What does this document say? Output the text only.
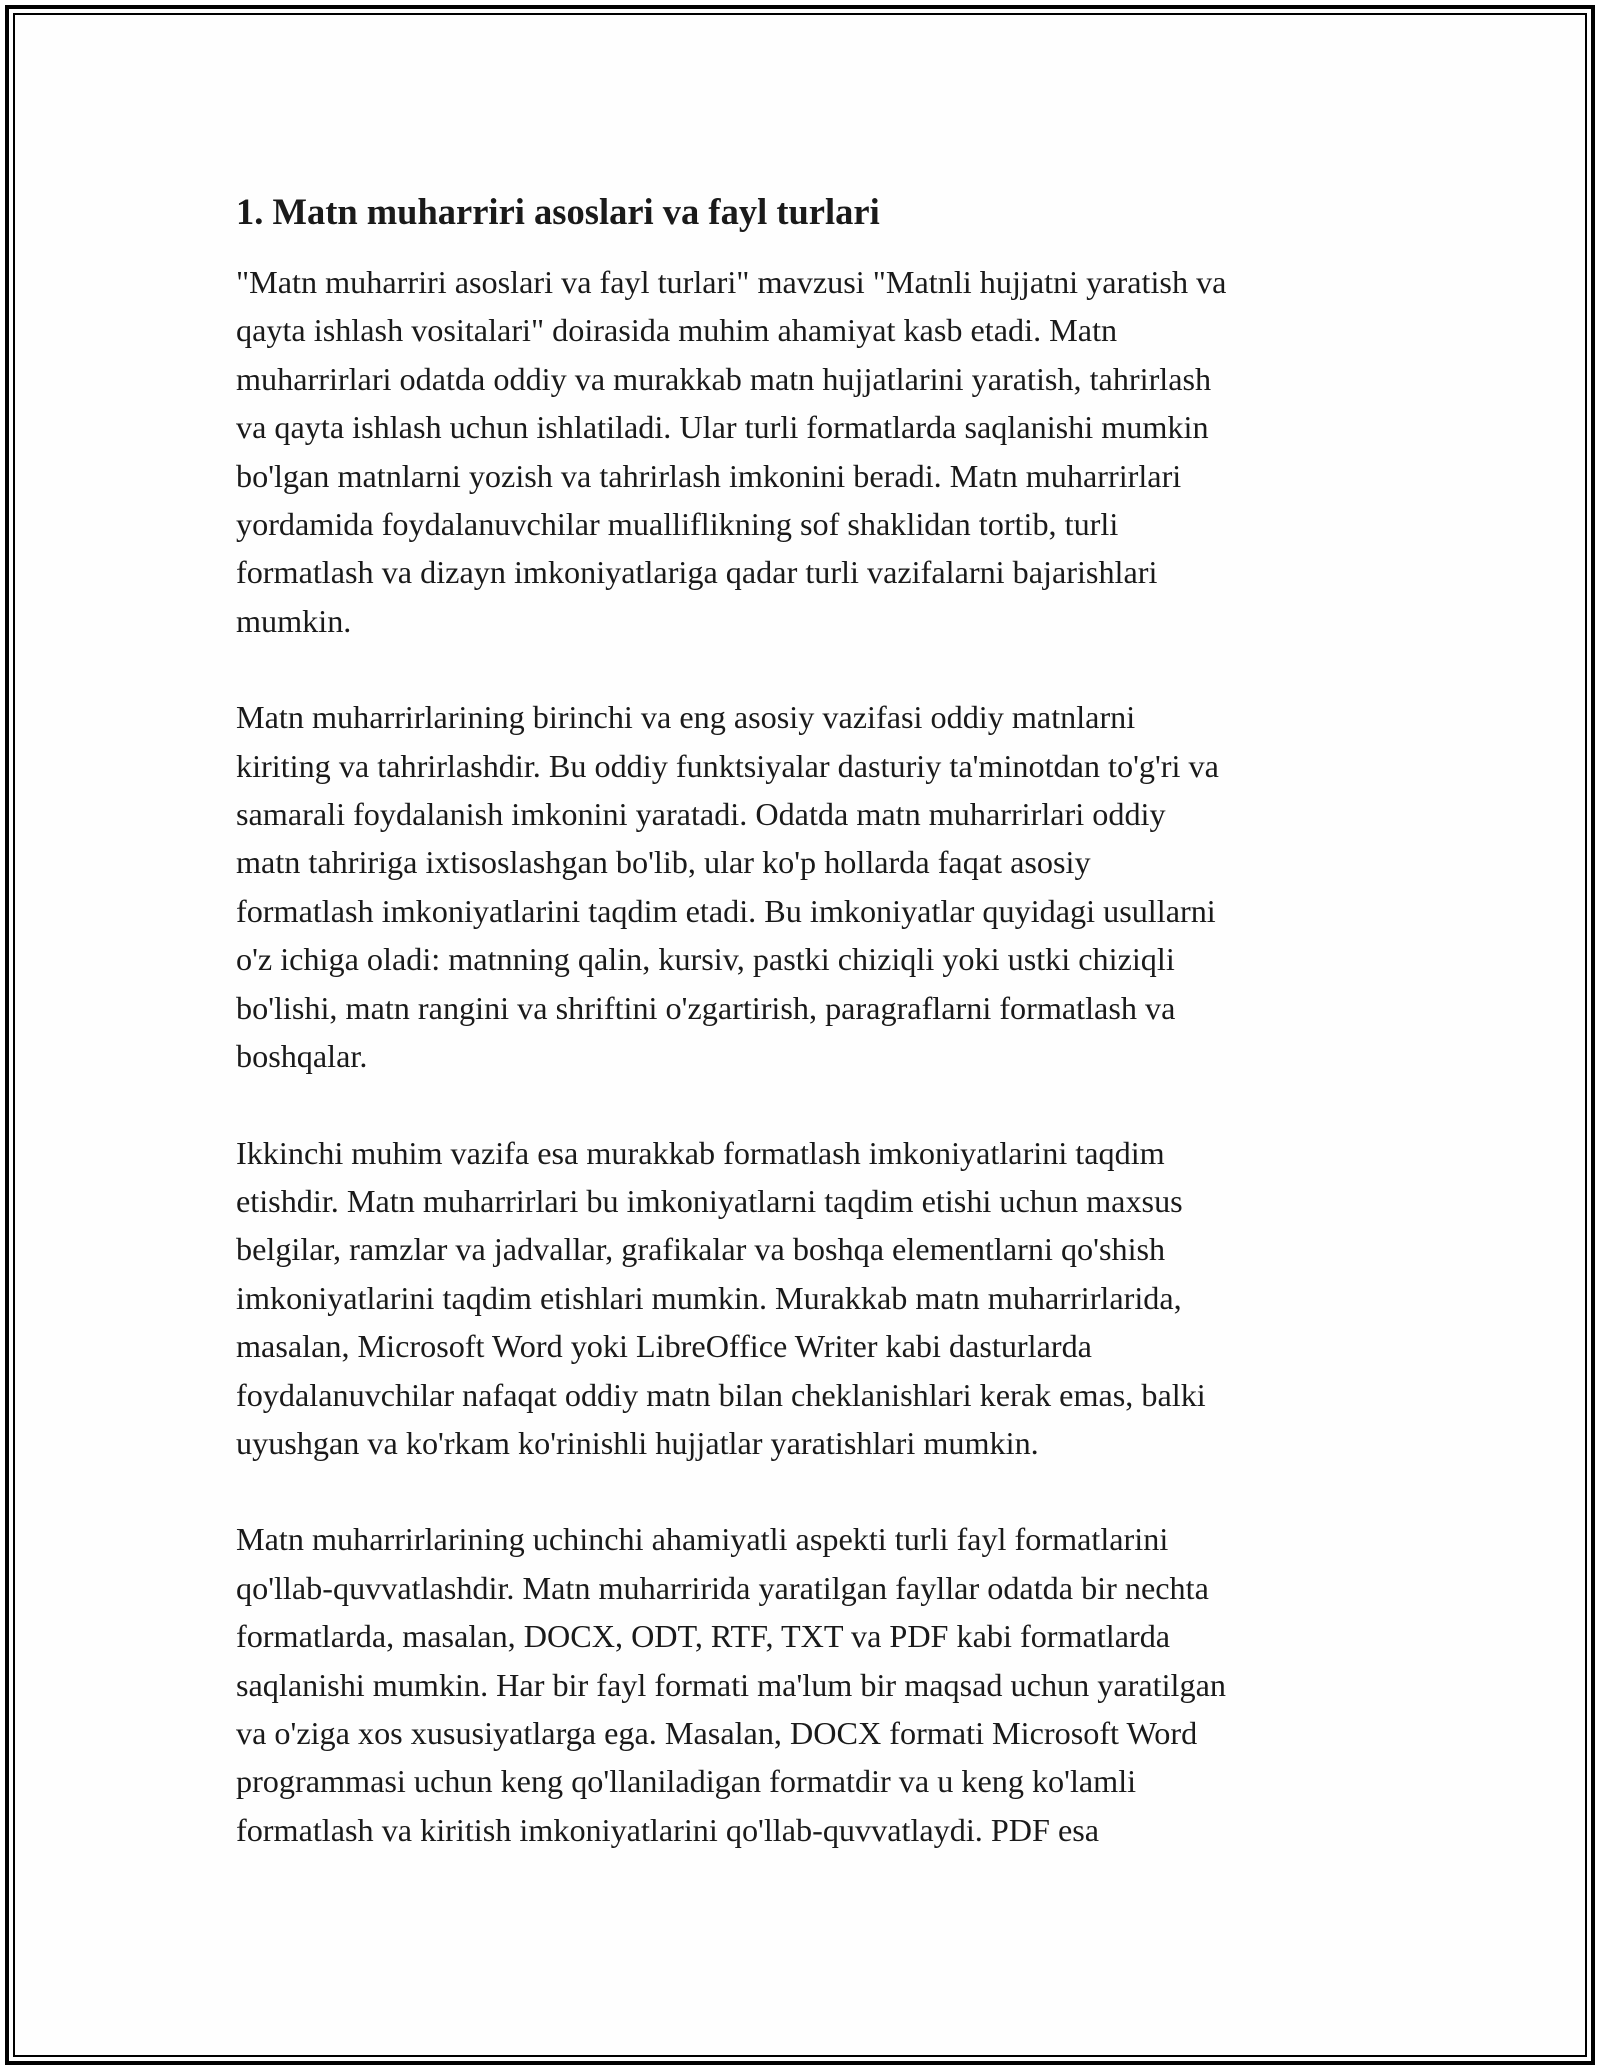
1. Matn muharriri asoslari va fayl turlari

"Matn muharriri asoslari va fayl turlari" mavzusi "Matnli hujjatni yaratish va
qayta ishlash vositalari" doirasida muhim ahamiyat kasb etadi. Matn
muharrirlari odatda oddiy va murakkab matn hujjatlarini yaratish, tahrirlash
va qayta ishlash uchun ishlatiladi. Ular turli formatlarda saqlanishi mumkin
bo'lgan matnlarni yozish va tahrirlash imkonini beradi. Matn muharrirlari
yordamida foydalanuvchilar mualliflikning sof shaklidan tortib, turli
formatlash va dizayn imkoniyatlariga qadar turli vazifalarni bajarishlari
mumkin.

Matn muharrirlarining birinchi va eng asosiy vazifasi oddiy matnlarni
kiriting va tahrirlashdir. Bu oddiy funktsiyalar dasturiy ta'minotdan to'g'ri va
samarali foydalanish imkonini yaratadi. Odatda matn muharrirlari oddiy
matn tahririga ixtisoslashgan bo'lib, ular ko'p hollarda faqat asosiy
formatlash imkoniyatlarini taqdim etadi. Bu imkoniyatlar quyidagi usullarni
o'z ichiga oladi: matnning qalin, kursiv, pastki chiziqli yoki ustki chiziqli
bo'lishi, matn rangini va shriftini o'zgartirish, paragraflarni formatlash va
boshqalar.

Ikkinchi muhim vazifa esa murakkab formatlash imkoniyatlarini taqdim
etishdir. Matn muharrirlari bu imkoniyatlarni taqdim etishi uchun maxsus
belgilar, ramzlar va jadvallar, grafikalar va boshqa elementlarni qo'shish
imkoniyatlarini taqdim etishlari mumkin. Murakkab matn muharrirlarida,
masalan, Microsoft Word yoki LibreOffice Writer kabi dasturlarda
foydalanuvchilar nafaqat oddiy matn bilan cheklanishlari kerak emas, balki
uyushgan va ko'rkam ko'rinishli hujjatlar yaratishlari mumkin.

Matn muharrirlarining uchinchi ahamiyatli aspekti turli fayl formatlarini
qo'llab-quvvatlashdir. Matn muharririda yaratilgan fayllar odatda bir nechta
formatlarda, masalan, DOCX, ODT, RTF, TXT va PDF kabi formatlarda
saqlanishi mumkin. Har bir fayl formati ma'lum bir maqsad uchun yaratilgan
va o'ziga xos xususiyatlarga ega. Masalan, DOCX formati Microsoft Word
programmasi uchun keng qo'llaniladigan formatdir va u keng ko'lamli
formatlash va kiritish imkoniyatlarini qo'llab-quvvatlaydi. PDF esa
